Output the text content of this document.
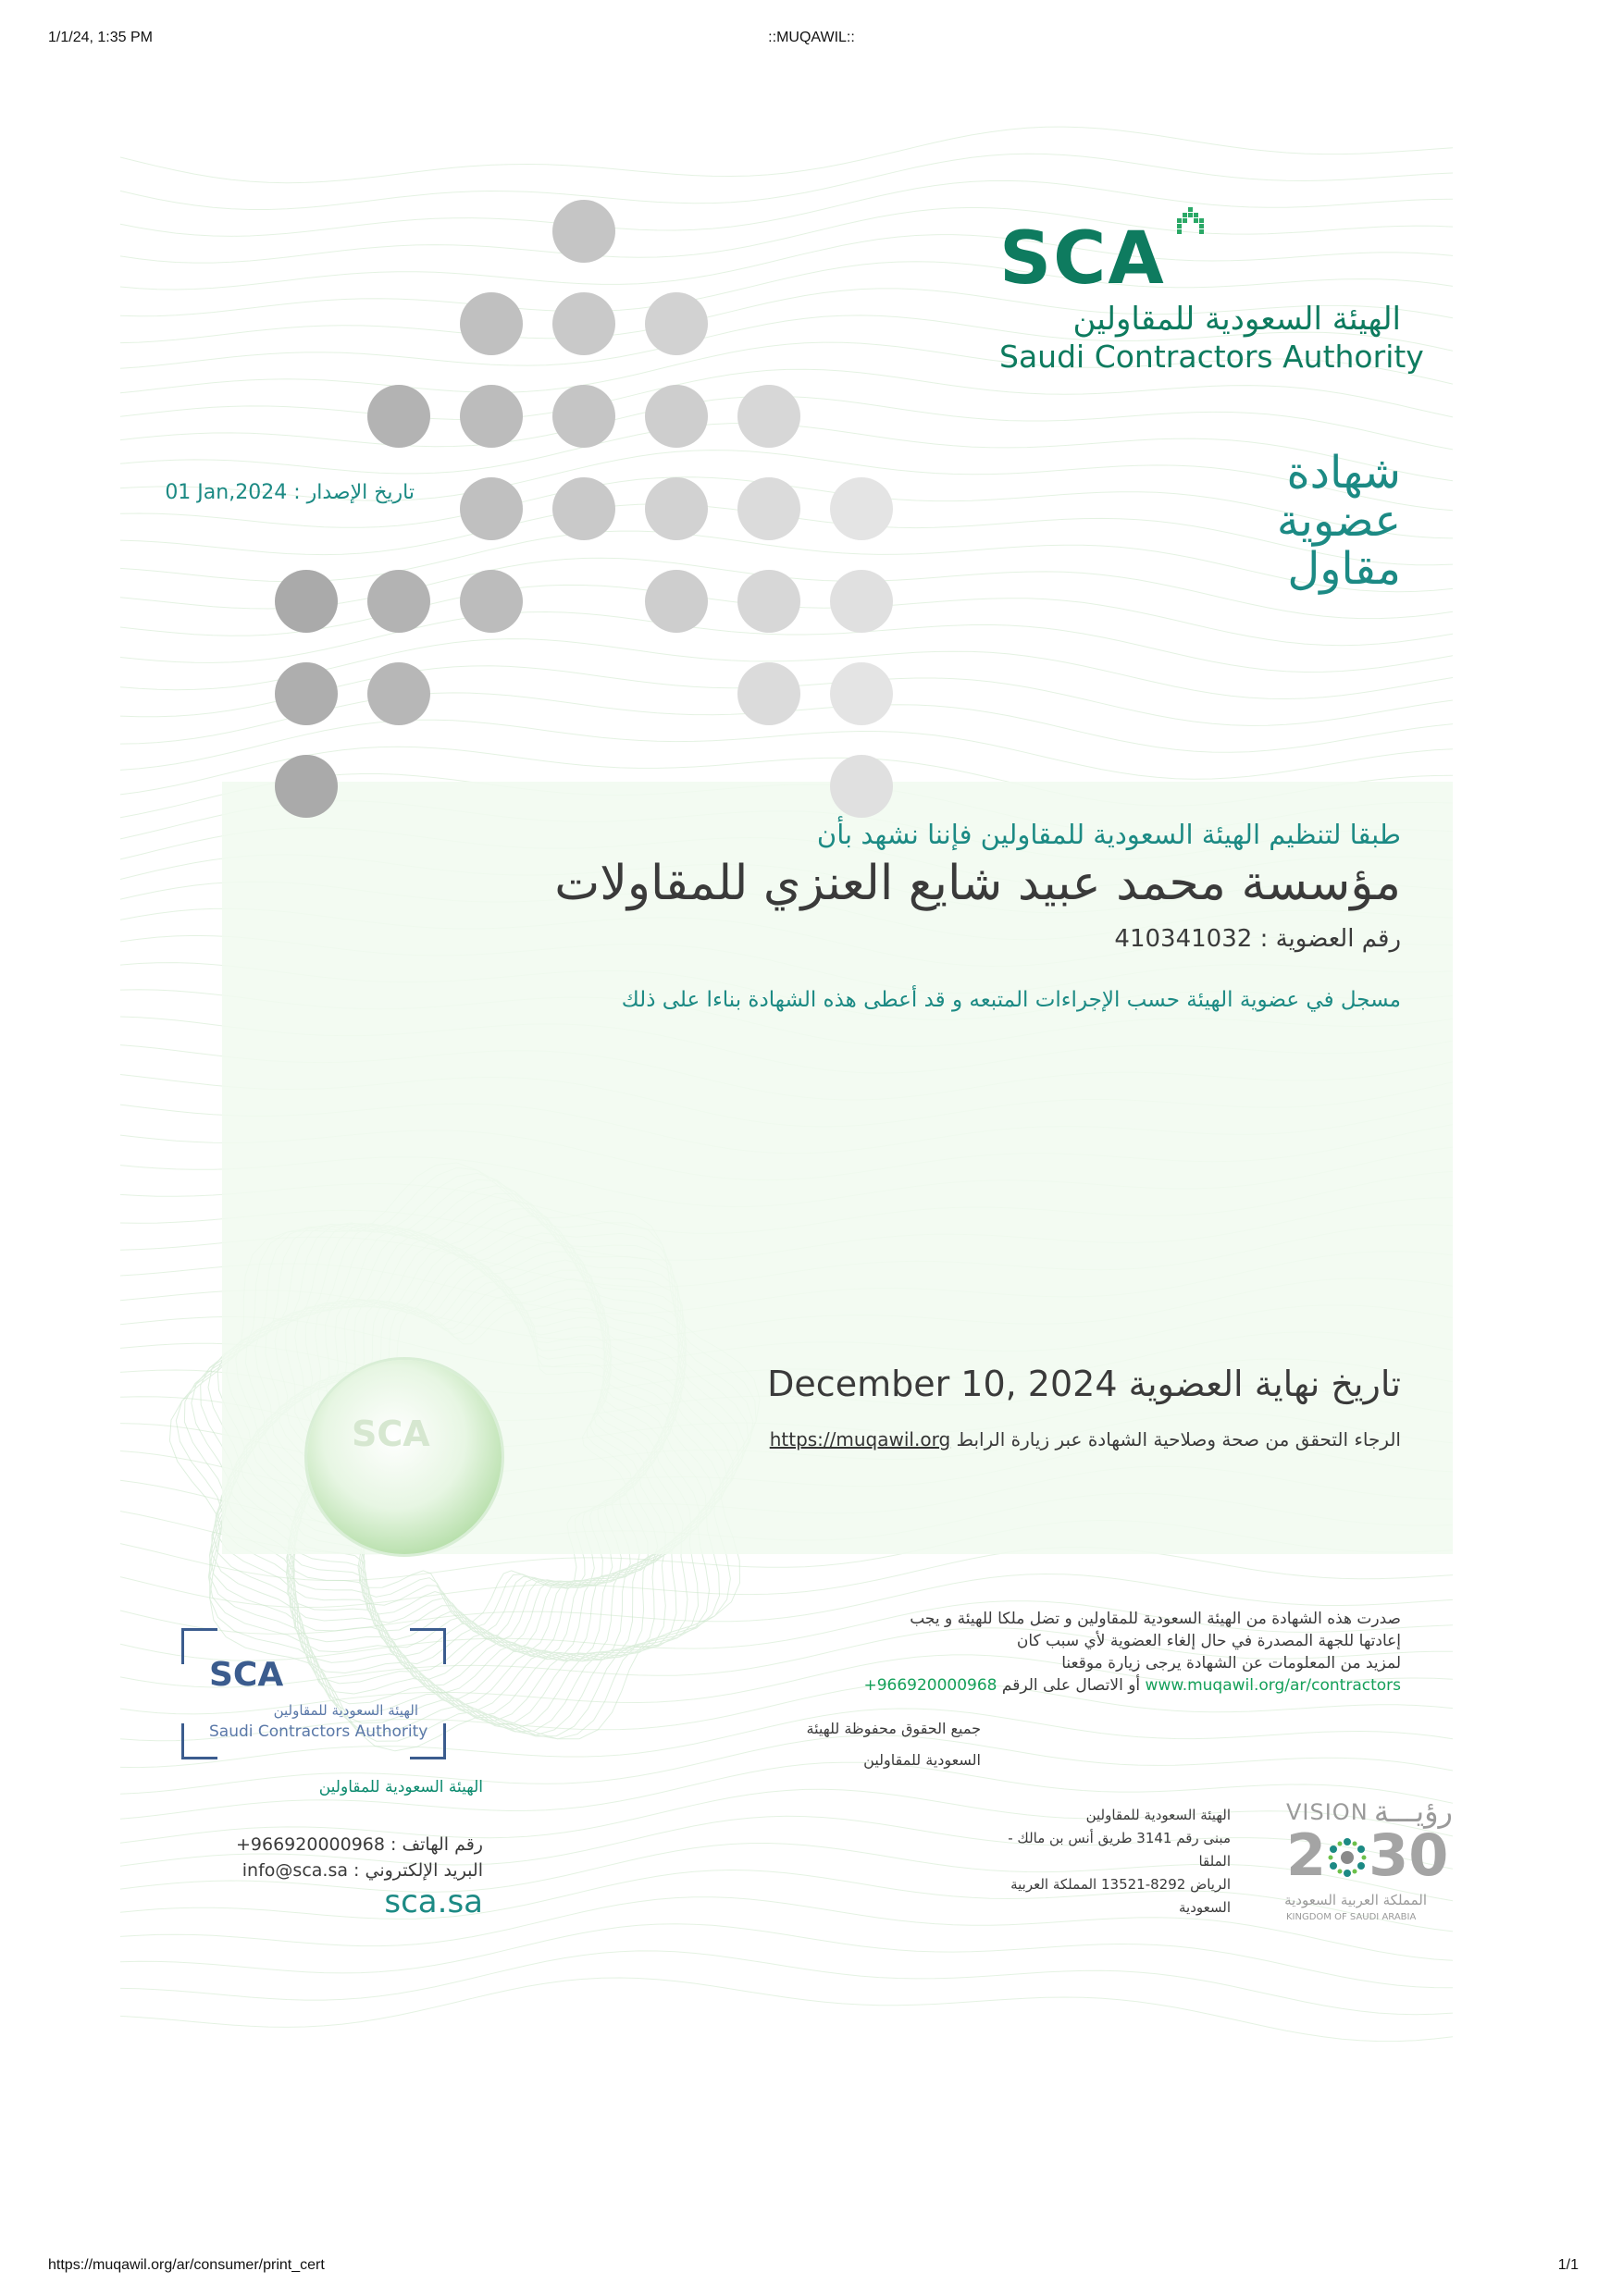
1/1/24, 1:35 PM	::MUQAWIL::
https://muqawil.org/ar/consumer/print_cert	1/1
SCA
الهيئة السعودية للمقاولين
Saudi Contractors Authority
شهادة
عضوية
مقاول
تاريخ الإصدار : 01 Jan,2024
طبقا لتنظيم الهيئة السعودية للمقاولين فإننا نشهد بأن
مؤسسة محمد عبيد شايع العنزي للمقاولات
رقم العضوية : 410341032
مسجل في عضوية الهيئة حسب الإجراءات المتبعه و قد أعطى هذه الشهادة بناءا على ذلك
تاريخ نهاية العضوية December 10, 2024
الرجاء التحقق من صحة وصلاحية الشهادة عبر زيارة الرابط https://muqawil.org
SCA
صدرت هذه الشهادة من الهيئة السعودية للمقاولين و تضل ملكا للهيئة و يجب
إعادتها للجهة المصدرة في حال إلغاء العضوية لأي سبب كان
لمزيد من المعلومات عن الشهادة يرجى زيارة موقعنا
www.muqawil.org/ar/contractors أو الاتصال على الرقم +966920000968
جميع الحقوق محفوظة للهيئة
السعودية للمقاولين
الهيئة السعودية للمقاولين
مبنى رقم 3141 طريق أنس بن مالك -
الملقا
الرياض 8292-13521 المملكة العربية
السعودية
VISION رؤيـــة
2 30
المملكة العربية السعودية
KINGDOM OF SAUDI ARABIA
SCA
الهيئة السعودية للمقاولين
Saudi Contractors Authority
الهيئة السعودية للمقاولين
رقم الهاتف : 966920000968+
البريد الإلكتروني : info@sca.sa
sca.sa
